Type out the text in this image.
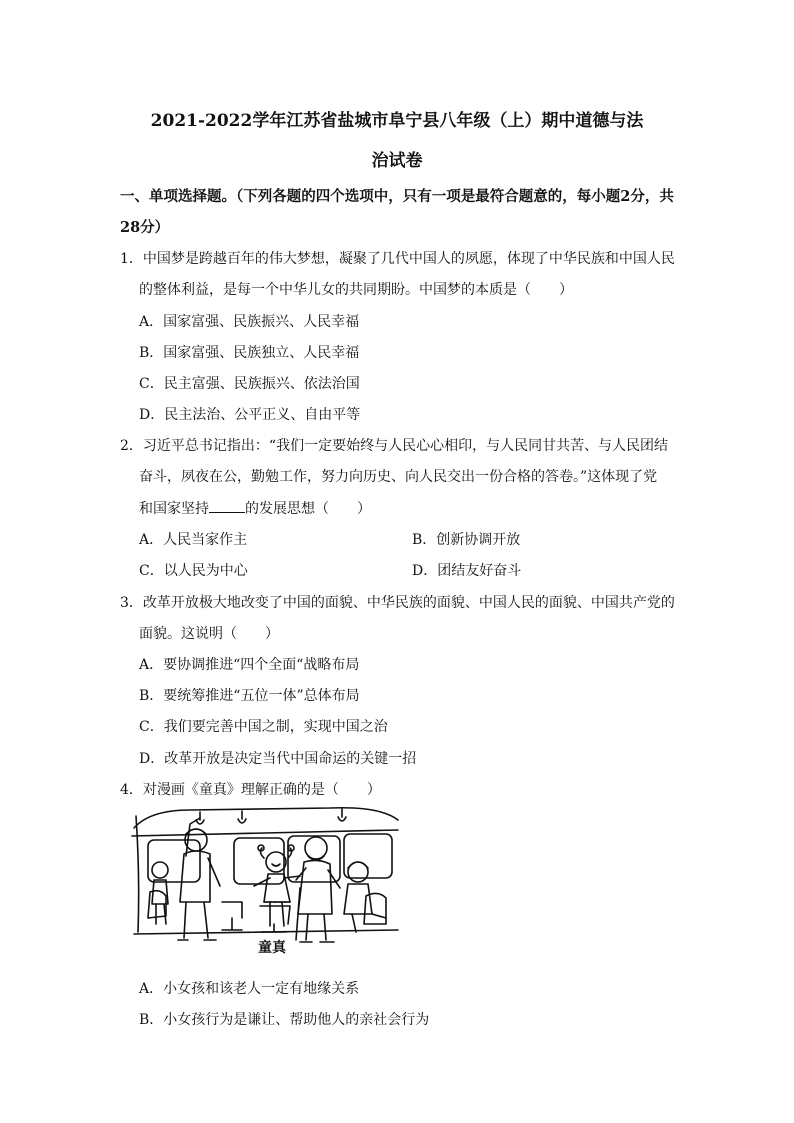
2021-2022学年江苏省盐城市阜宁县八年级（上）期中道德与法
治试卷
一、单项选择题。（下列各题的四个选项中，只有一项是最符合题意的，每小题2分，共28分）
1．中国梦是跨越百年的伟大梦想，凝聚了几代中国人的夙愿，体现了中华民族和中国人民
的整体利益，是每一个中华儿女的共同期盼。中国梦的本质是（　　）
A．国家富强、民族振兴、人民幸福
B．国家富强、民族独立、人民幸福
C．民主富强、民族振兴、依法治国
D．民主法治、公平正义、自由平等
2．习近平总书记指出：“我们一定要始终与人民心心相印，与人民同甘共苦、与人民团结
奋斗，夙夜在公，勤勉工作，努力向历史、向人民交出一份合格的答卷。”这体现了党
和国家坚持	的发展思想（　　）
A．人民当家作主	B．创新协调开放
C．以人民为中心	D．团结友好奋斗
3．改革开放极大地改变了中国的面貌、中华民族的面貌、中国人民的面貌、中国共产党的
面貌。这说明（　　）
A．要协调推进“四个全面“战略布局
B．要统筹推进“五位一体”总体布局
C．我们要完善中国之制，实现中国之治
D．改革开放是决定当代中国命运的关键一招
4．对漫画《童真》理解正确的是（　　）
童真
A．小女孩和该老人一定有地缘关系
B．小女孩行为是谦让、帮助他人的亲社会行为
